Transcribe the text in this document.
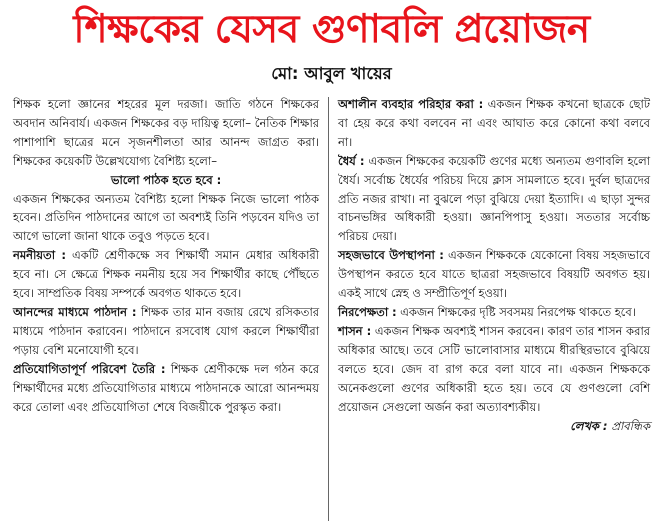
শিক্ষকের যেসব গুণাবলি প্রয়োজন
মো: আবুল খায়ের

শিক্ষক হলো জ্ঞানের শহরের মূল দরজা। জাতি গঠনে শিক্ষকের অবদান অনিবার্য। একজন শিক্ষকের বড় দায়িত্ব হলো– নৈতিক শিক্ষার পাশাপাশি ছাত্রের মনে সৃজনশীলতা আর আনন্দ জাগ্রত করা। শিক্ষকের কয়েকটি উল্লেখযোগ্য বৈশিষ্ট্য হলো–

ভালো পাঠক হতে হবে :

একজন শিক্ষকের অন্যতম বৈশিষ্ট্য হলো শিক্ষক নিজে ভালো পাঠক হবেন। প্রতিদিন পাঠদানের আগে তা অবশ্যই তিনি পড়বেন যদিও তা আগে ভালো জানা থাকে তবুও পড়তে হবে।

নমনীয়তা : একটি শ্রেণীকক্ষে সব শিক্ষার্থী সমান মেধার অধিকারী হবে না। সে ক্ষেত্রে শিক্ষক নমনীয় হয়ে সব শিক্ষার্থীর কাছে পৌঁছতে হবে। সাম্প্রতিক বিষয় সম্পর্কে অবগত থাকতে হবে।

আনন্দের মাধ্যমে পাঠদান : শিক্ষক তার মান বজায় রেখে রসিকতার মাধ্যমে পাঠদান করাবেন। পাঠদানে রসবোধ যোগ করলে শিক্ষার্থীরা পড়ায় বেশি মনোযোগী হবে।

প্রতিযোগিতাপূর্ণ পরিবেশ তৈরি : শিক্ষক শ্রেণীকক্ষে দল গঠন করে শিক্ষার্থীদের মধ্যে প্রতিযোগিতার মাধ্যমে পাঠদানকে আরো আনন্দময় করে তোলা এবং প্রতিযোগিতা শেষে বিজয়ীকে পুরস্কৃত করা।

অশালীন ব্যবহার পরিহার করা : একজন শিক্ষক কখনো ছাত্রকে ছোট বা হেয় করে কথা বলবেন না এবং আঘাত করে কোনো কথা বলবে না।

ধৈর্য : একজন শিক্ষকের কয়েকটি গুণের মধ্যে অন্যতম গুণাবলি হলো ধৈর্য। সর্বোচ্চ ধৈর্যের পরিচয় দিয়ে ক্লাস সামলাতে হবে। দুর্বল ছাত্রদের প্রতি নজর রাখা। না বুঝলে পড়া বুঝিয়ে দেয়া ইত্যাদি। এ ছাড়া সুন্দর বাচনভঙ্গির অধিকারী হওয়া। জ্ঞানপিপাসু হওয়া। সততার সর্বোচ্চ পরিচয় দেয়া।

সহজভাবে উপস্থাপনা : একজন শিক্ষককে যেকোনো বিষয় সহজভাবে উপস্থাপন করতে হবে যাতে ছাত্ররা সহজভাবে বিষয়টি অবগত হয়। একই সাথে স্নেহ ও সম্প্রীতিপূর্ণ হওয়া।

নিরপেক্ষতা : একজন শিক্ষকের দৃষ্টি সবসময় নিরপেক্ষ থাকতে হবে।

শাসন : একজন শিক্ষক অবশ্যই শাসন করবেন। কারণ তার শাসন করার অধিকার আছে। তবে সেটি ভালোবাসার মাধ্যমে ধীরস্থিরভাবে বুঝিয়ে বলতে হবে। জেদ বা রাগ করে বলা যাবে না। একজন শিক্ষককে অনেকগুলো গুণের অধিকারী হতে হয়। তবে যে গুণগুলো বেশি প্রয়োজন সেগুলো অর্জন করা অত্যাবশ্যকীয়।

লেখক : প্রাবন্ধিক
